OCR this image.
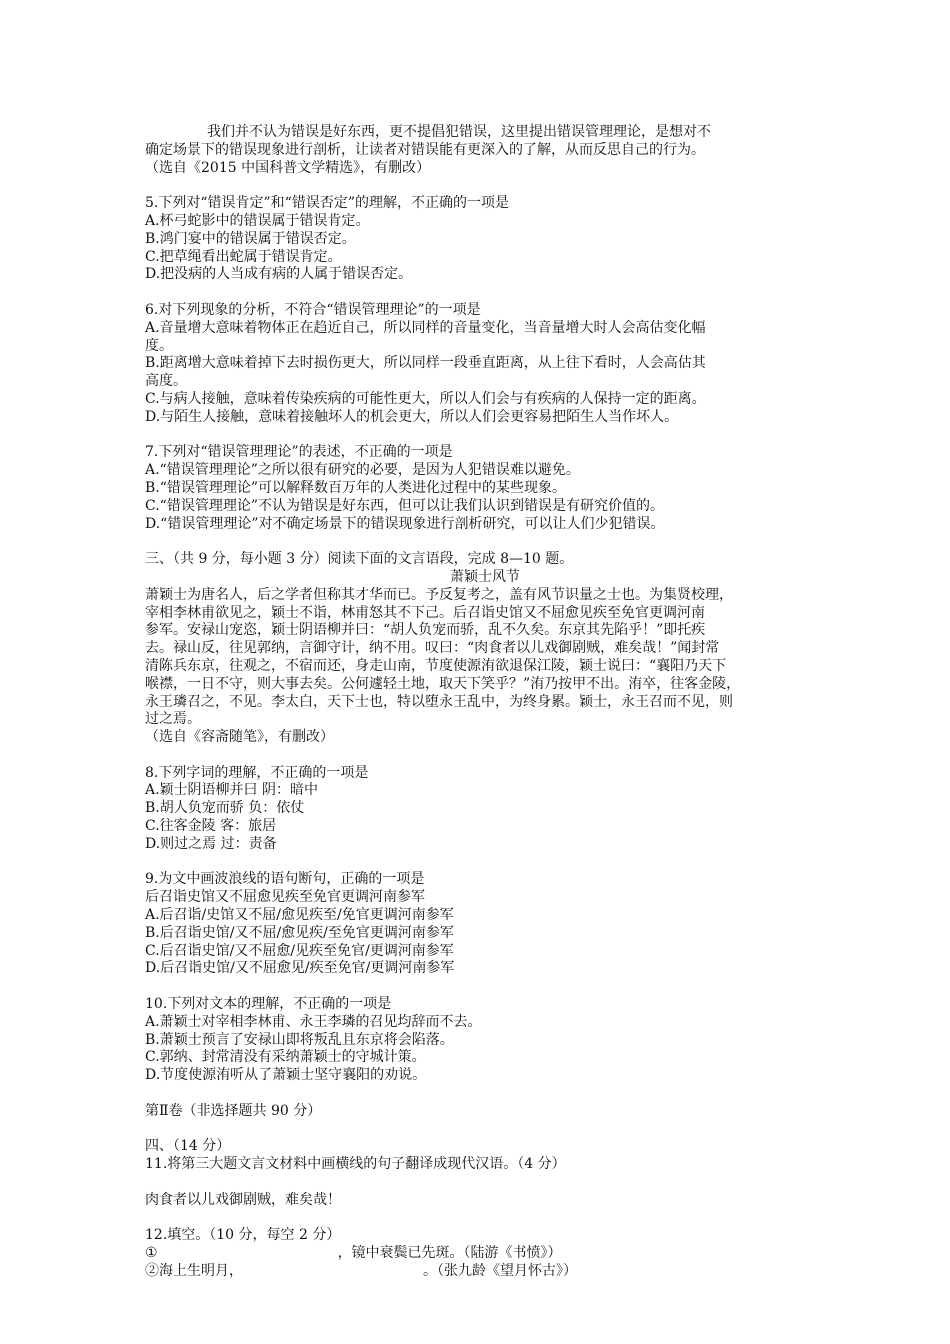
我们并不认为错误是好东西，更不提倡犯错误，这里提出错误管理理论，是想对不
确定场景下的错误现象进行剖析，让读者对错误能有更深入的了解，从而反思自己的行为。
（选自《2015 中国科普文学精选》，有删改）
5.下列对“错误肯定”和“错误否定”的理解，不正确的一项是
A.杯弓蛇影中的错误属于错误肯定。
B.鸿门宴中的错误属于错误否定。
C.把草绳看出蛇属于错误肯定。
D.把没病的人当成有病的人属于错误否定。
6.对下列现象的分析，不符合“错误管理理论”的一项是
A.音量增大意味着物体正在趋近自己，所以同样的音量变化，当音量增大时人会高估变化幅
度。
B.距离增大意味着掉下去时损伤更大，所以同样一段垂直距离，从上往下看时，人会高估其
高度。
C.与病人接触，意味着传染疾病的可能性更大，所以人们会与有疾病的人保持一定的距离。
D.与陌生人接触，意味着接触坏人的机会更大，所以人们会更容易把陌生人当作坏人。
7.下列对“错误管理理论”的表述，不正确的一项是
A.“错误管理理论”之所以很有研究的必要，是因为人犯错误难以避免。
B.“错误管理理论”可以解释数百万年的人类进化过程中的某些现象。
C.“错误管理理论”不认为错误是好东西，但可以让我们认识到错误是有研究价值的。
D.“错误管理理论”对不确定场景下的错误现象进行剖析研究，可以让人们少犯错误。
三、（共 9 分，每小题 3 分）阅读下面的文言语段，完成 8—10 题。
萧颖士风节
萧颖士为唐名人，后之学者但称其才华而已。予反复考之，盖有风节识量之士也。为集贤校理，
宰相李林甫欲见之，颖士不诣，林甫怒其不下己。后召诣史馆又不屈愈见疾至免官更调河南
参军。安禄山宠恣，颖士阴语柳并曰：“胡人负宠而骄，乱不久矣。东京其先陷乎！”即托疾
去。禄山反，往见郭纳，言御守计，纳不用。叹曰：“肉食者以儿戏御剧贼，难矣哉！”闻封常
清陈兵东京，往观之，不宿而还，身走山南，节度使源洧欲退保江陵，颖士说曰：“襄阳乃天下
喉襟，一日不守，则大事去矣。公何遽轻土地，取天下笑乎？”洧乃按甲不出。洧卒，往客金陵，
永王璘召之，不见。李太白，天下士也，特以堕永王乱中，为终身累。颖士，永王召而不见，则
过之焉。
（选自《容斋随笔》，有删改）
8.下列字词的理解，不正确的一项是
A.颖士阴语柳并曰 阴：暗中
B.胡人负宠而骄 负：依仗
C.往客金陵 客：旅居
D.则过之焉 过：责备
9.为文中画波浪线的语句断句，正确的一项是
后召诣史馆又不屈愈见疾至免官更调河南参军
A.后召诣/史馆又不屈/愈见疾至/免官更调河南参军
B.后召诣史馆/又不屈/愈见疾/至免官更调河南参军
C.后召诣史馆/又不屈愈/见疾至免官/更调河南参军
D.后召诣史馆/又不屈愈见/疾至免官/更调河南参军
10.下列对文本的理解，不正确的一项是
A.萧颖士对宰相李林甫、永王李璘的召见均辞而不去。
B.萧颖士预言了安禄山即将叛乱且东京将会陷落。
C.郭纳、封常清没有采纳萧颖士的守城计策。
D.节度使源洧听从了萧颖士坚守襄阳的劝说。
第Ⅱ卷（非选择题共 90 分）
四、（14 分）
11.将第三大题文言文材料中画横线的句子翻译成现代汉语。（4 分）
肉食者以儿戏御剧贼，难矣哉！
12.填空。（10 分，每空 2 分）
①	，镜中衰鬓已先斑。（陆游《书愤》）
②海上生明月，	。（张九龄《望月怀古》）
